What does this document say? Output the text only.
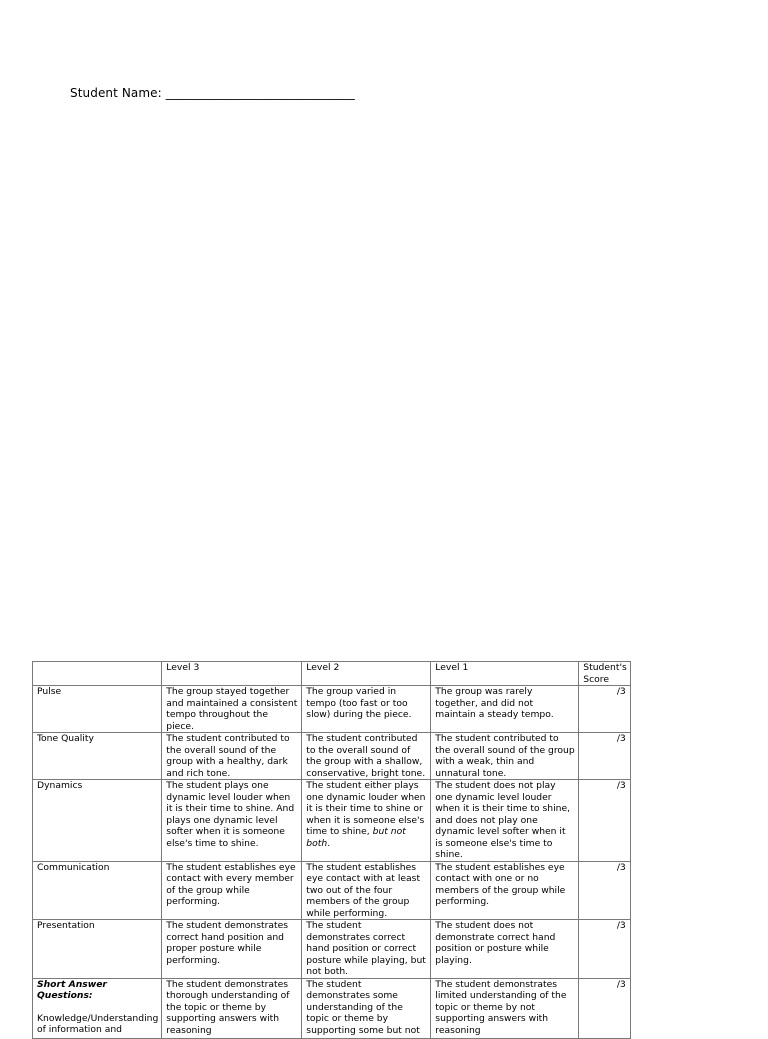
Student Name: _______________________________
	Level 3	Level 2	Level 1	Student's Score
Pulse	The group stayed together and maintained a consistent tempo throughout the piece.	The group varied in tempo (too fast or too slow) during the piece.	The group was rarely together, and did not maintain a steady tempo.	/3
Tone Quality	The student contributed to the overall sound of the group with a healthy, dark and rich tone.	The student contributed to the overall sound of the group with a shallow, conservative, bright tone.	The student contributed to the overall sound of the group with a weak, thin and unnatural tone.	/3
Dynamics	The student plays one dynamic level louder when it is their time to shine. And plays one dynamic level softer when it is someone else's time to shine.	The student either plays one dynamic louder when it is their time to shine or when it is someone else's time to shine, but not both.	The student does not play one dynamic level louder when it is their time to shine, and does not play one dynamic level softer when it is someone else's time to shine.	/3
Communication	The student establishes eye contact with every member of the group while performing.	The student establishes eye contact with at least two out of the four members of the group while performing.	The student establishes eye contact with one or no members of the group while performing.	/3
Presentation	The student demonstrates correct hand position and proper posture while performing.	The student demonstrates correct hand position or correct posture while playing, but not both.	The student does not demonstrate correct hand position or posture while playing.	/3

Short Answer Questions:
Knowledge/Understanding of information and	The student demonstrates thorough understanding of the topic or theme by supporting answers with reasoning	The student demonstrates some understanding of the topic or theme by supporting some but not	The student demonstrates limited understanding of the topic or theme by not supporting answers with reasoning	/3
